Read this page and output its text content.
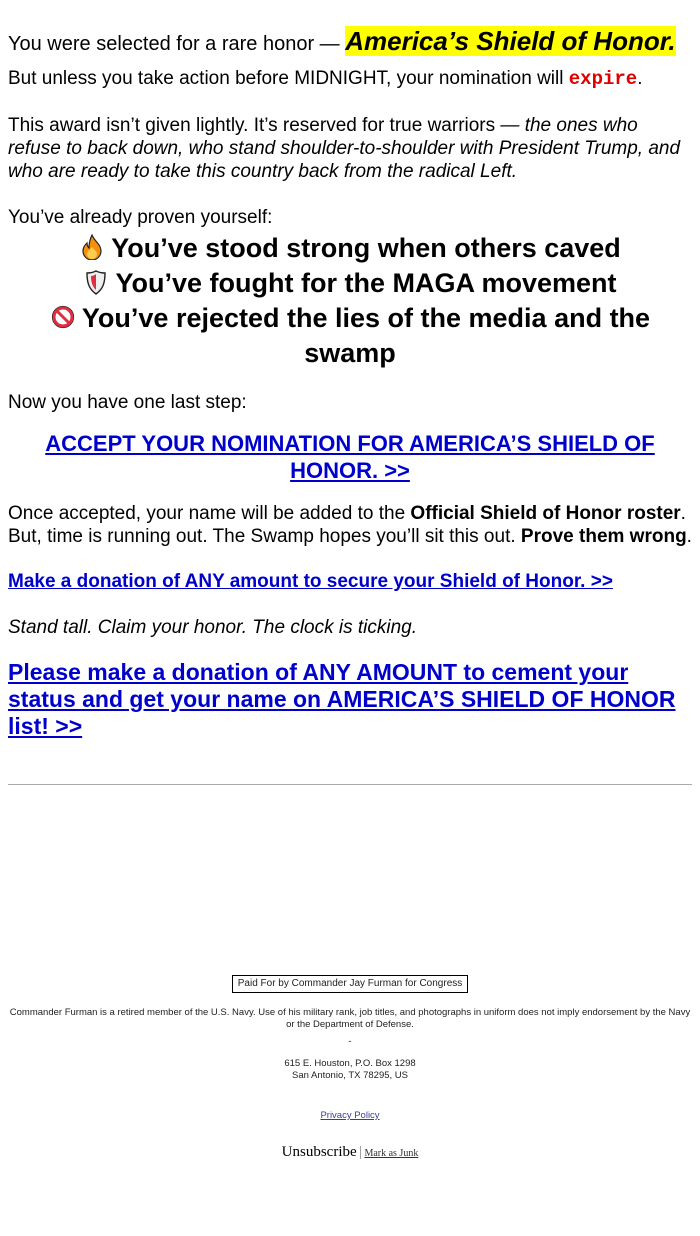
You were selected for a rare honor — America’s Shield of Honor.

But unless you take action before MIDNIGHT, your nomination will expire.

This award isn’t given lightly. It’s reserved for true warriors — the ones who refuse to back down, who stand shoulder-to-shoulder with President Trump, and who are ready to take this country back from the radical Left.

You’ve already proven yourself:

You’ve stood strong when others caved
You’ve fought for the MAGA movement
You’ve rejected the lies of the media and the swamp

Now you have one last step:

ACCEPT YOUR NOMINATION FOR AMERICA’S SHIELD OF HONOR. >>

Once accepted, your name will be added to the Official Shield of Honor roster. But, time is running out. The Swamp hopes you’ll sit this out. Prove them wrong.

Make a donation of ANY amount to secure your Shield of Honor. >>

Stand tall. Claim your honor. The clock is ticking.

Please make a donation of ANY AMOUNT to cement your status and get your name on AMERICA’S SHIELD OF HONOR list! >>

Paid For by Commander Jay Furman for Congress

Commander Furman is a retired member of the U.S. Navy. Use of his military rank, job titles, and photographs in uniform does not imply endorsement by the Navy or the Department of Defense.

-

615 E. Houston, P.O. Box 1298

San Antonio, TX 78295, US

Privacy Policy

Unsubscribe | Mark as Junk
